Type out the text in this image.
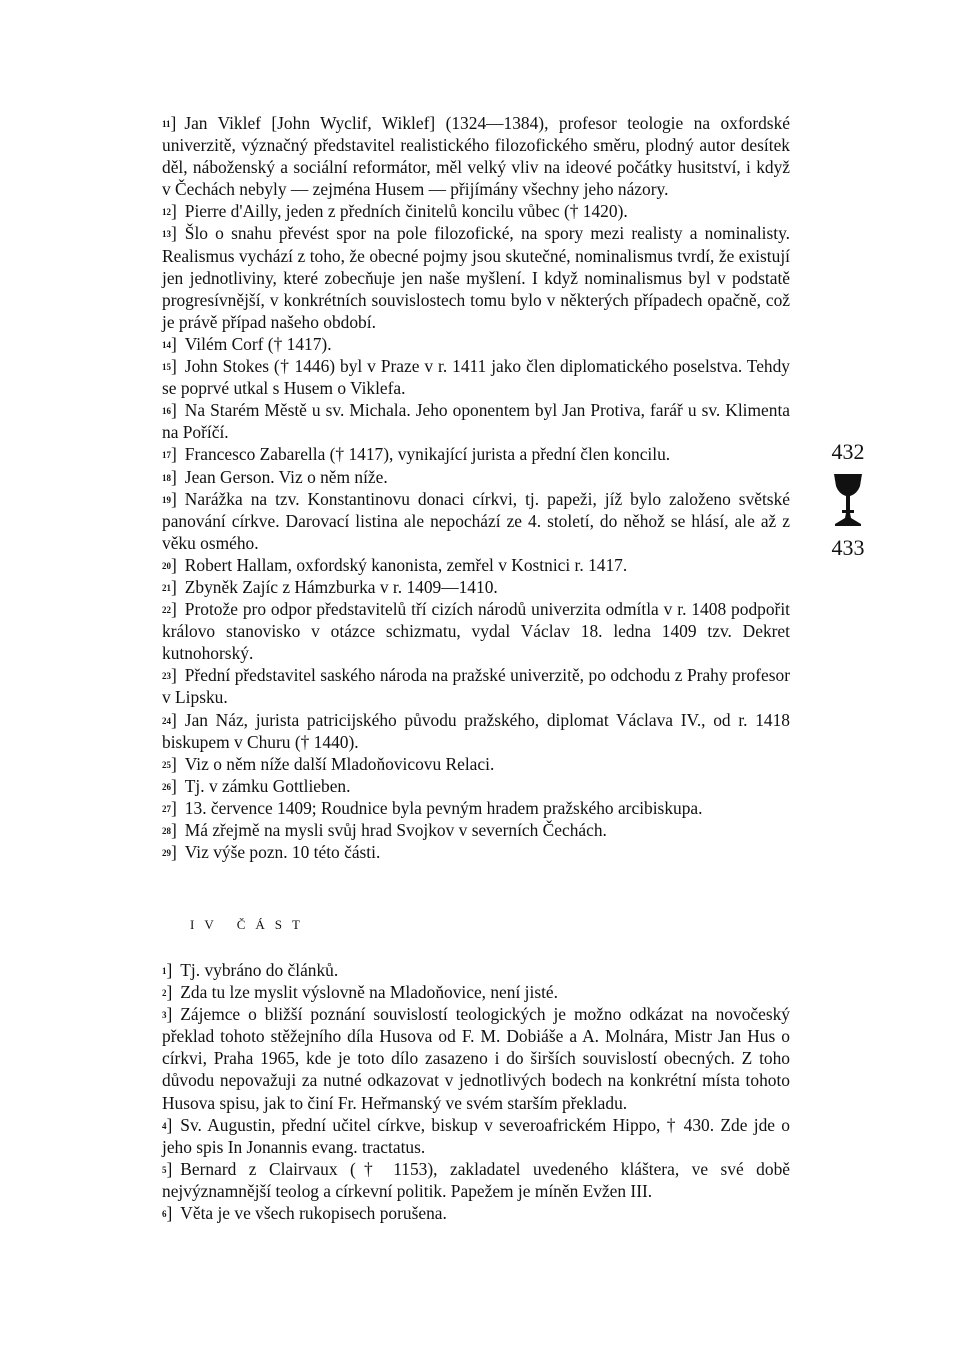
$^{11}$] Jan Viklef [John Wyclif, Wiklef] (1324—1384), profesor teologie na oxfordské univerzitě, význačný představitel realistického filozofického směru, plodný autor desítek děl, náboženský a sociální reformátor, měl velký vliv na ideové počátky husitství, i když v Čechách nebyly — zejména Husem — přijímány všechny jeho názory.

$^{12}$] Pierre d'Ailly, jeden z předních činitelů koncilu vůbec († 1420).

$^{13}$] Šlo o snahu převést spor na pole filozofické, na spory mezi realisty a nominalisty. Realismus vychází z toho, že obecné pojmy jsou skutečné, nominalismus tvrdí, že existují jen jednotliviny, které zobecňuje jen naše myšlení. I když nominalismus byl v podstatě progresívnější, v konkrétních souvislostech tomu bylo v některých případech opačně, což je právě případ našeho období.

$^{14}$] Vilém Corf († 1417).

$^{15}$] John Stokes († 1446) byl v Praze v r. 1411 jako člen diplomatického poselstva. Tehdy se poprvé utkal s Husem o Viklefa.

$^{16}$] Na Starém Městě u sv. Michala. Jeho oponentem byl Jan Protiva, farář u sv. Klimenta na Poříčí.

$^{17}$] Francesco Zabarella († 1417), vynikající jurista a přední člen koncilu.

$^{18}$] Jean Gerson. Viz o něm níže.

$^{19}$] Narážka na tzv. Konstantinovu donaci církvi, tj. papeži, jíž bylo založeno světské panování církve. Darovací listina ale nepochází ze 4. století, do něhož se hlásí, ale až z věku osmého.

$^{20}$] Robert Hallam, oxfordský kanonista, zemřel v Kostnici r. 1417.

$^{21}$] Zbyněk Zajíc z Hámzburka v r. 1409—1410.

$^{22}$] Protože pro odpor představitelů tří cizích národů univerzita odmítla v r. 1408 podpořit královo stanovisko v otázce schizmatu, vydal Václav 18. ledna 1409 tzv. Dekret kutnohorský.

$^{23}$] Přední představitel saského národa na pražské univerzitě, po odchodu z Prahy profesor v Lipsku.

$^{24}$] Jan Náz, jurista patricijského původu pražského, diplomat Václava IV., od r. 1418 biskupem v Churu († 1440).

$^{25}$] Viz o něm níže další Mladoňovicovu Relaci.

$^{26}$] Tj. v zámku Gottlieben.

$^{27}$] 13. července 1409; Roudnice byla pevným hradem pražského arcibiskupa.

$^{28}$] Má zřejmě na mysli svůj hrad Svojkov v severních Čechách.

$^{29}$] Viz výše pozn. 10 této části.

IV ČÁST

$^1$] Tj. vybráno do článků.

$^2$] Zda tu lze myslit výslovně na Mladoňovice, není jisté.

$^3$] Zájemce o bližší poznání souvislostí teologických je možno odkázat na novočeský překlad tohoto stěžejního díla Husova od F. M. Dobiáše a A. Molnára, Mistr Jan Hus o církvi, Praha 1965, kde je toto dílo zasazeno i do širších souvislostí obecných. Z toho důvodu nepovažuji za nutné odkazovat v jednotlivých bodech na konkrétní místa tohoto Husova spisu, jak to činí Fr. Heřmanský ve svém starším překladu.

$^4$] Sv. Augustin, přední učitel církve, biskup v severoafrickém Hippo, † 430. Zde jde o jeho spis In Jonannis evang. tractatus.

$^5$] Bernard z Clairvaux († 1153), zakladatel uvedeného kláštera, ve své době nejvýznamnější teolog a církevní politik. Papežem je míněn Evžen III.

$^6$] Věta je ve všech rukopisech porušena.

432
433
